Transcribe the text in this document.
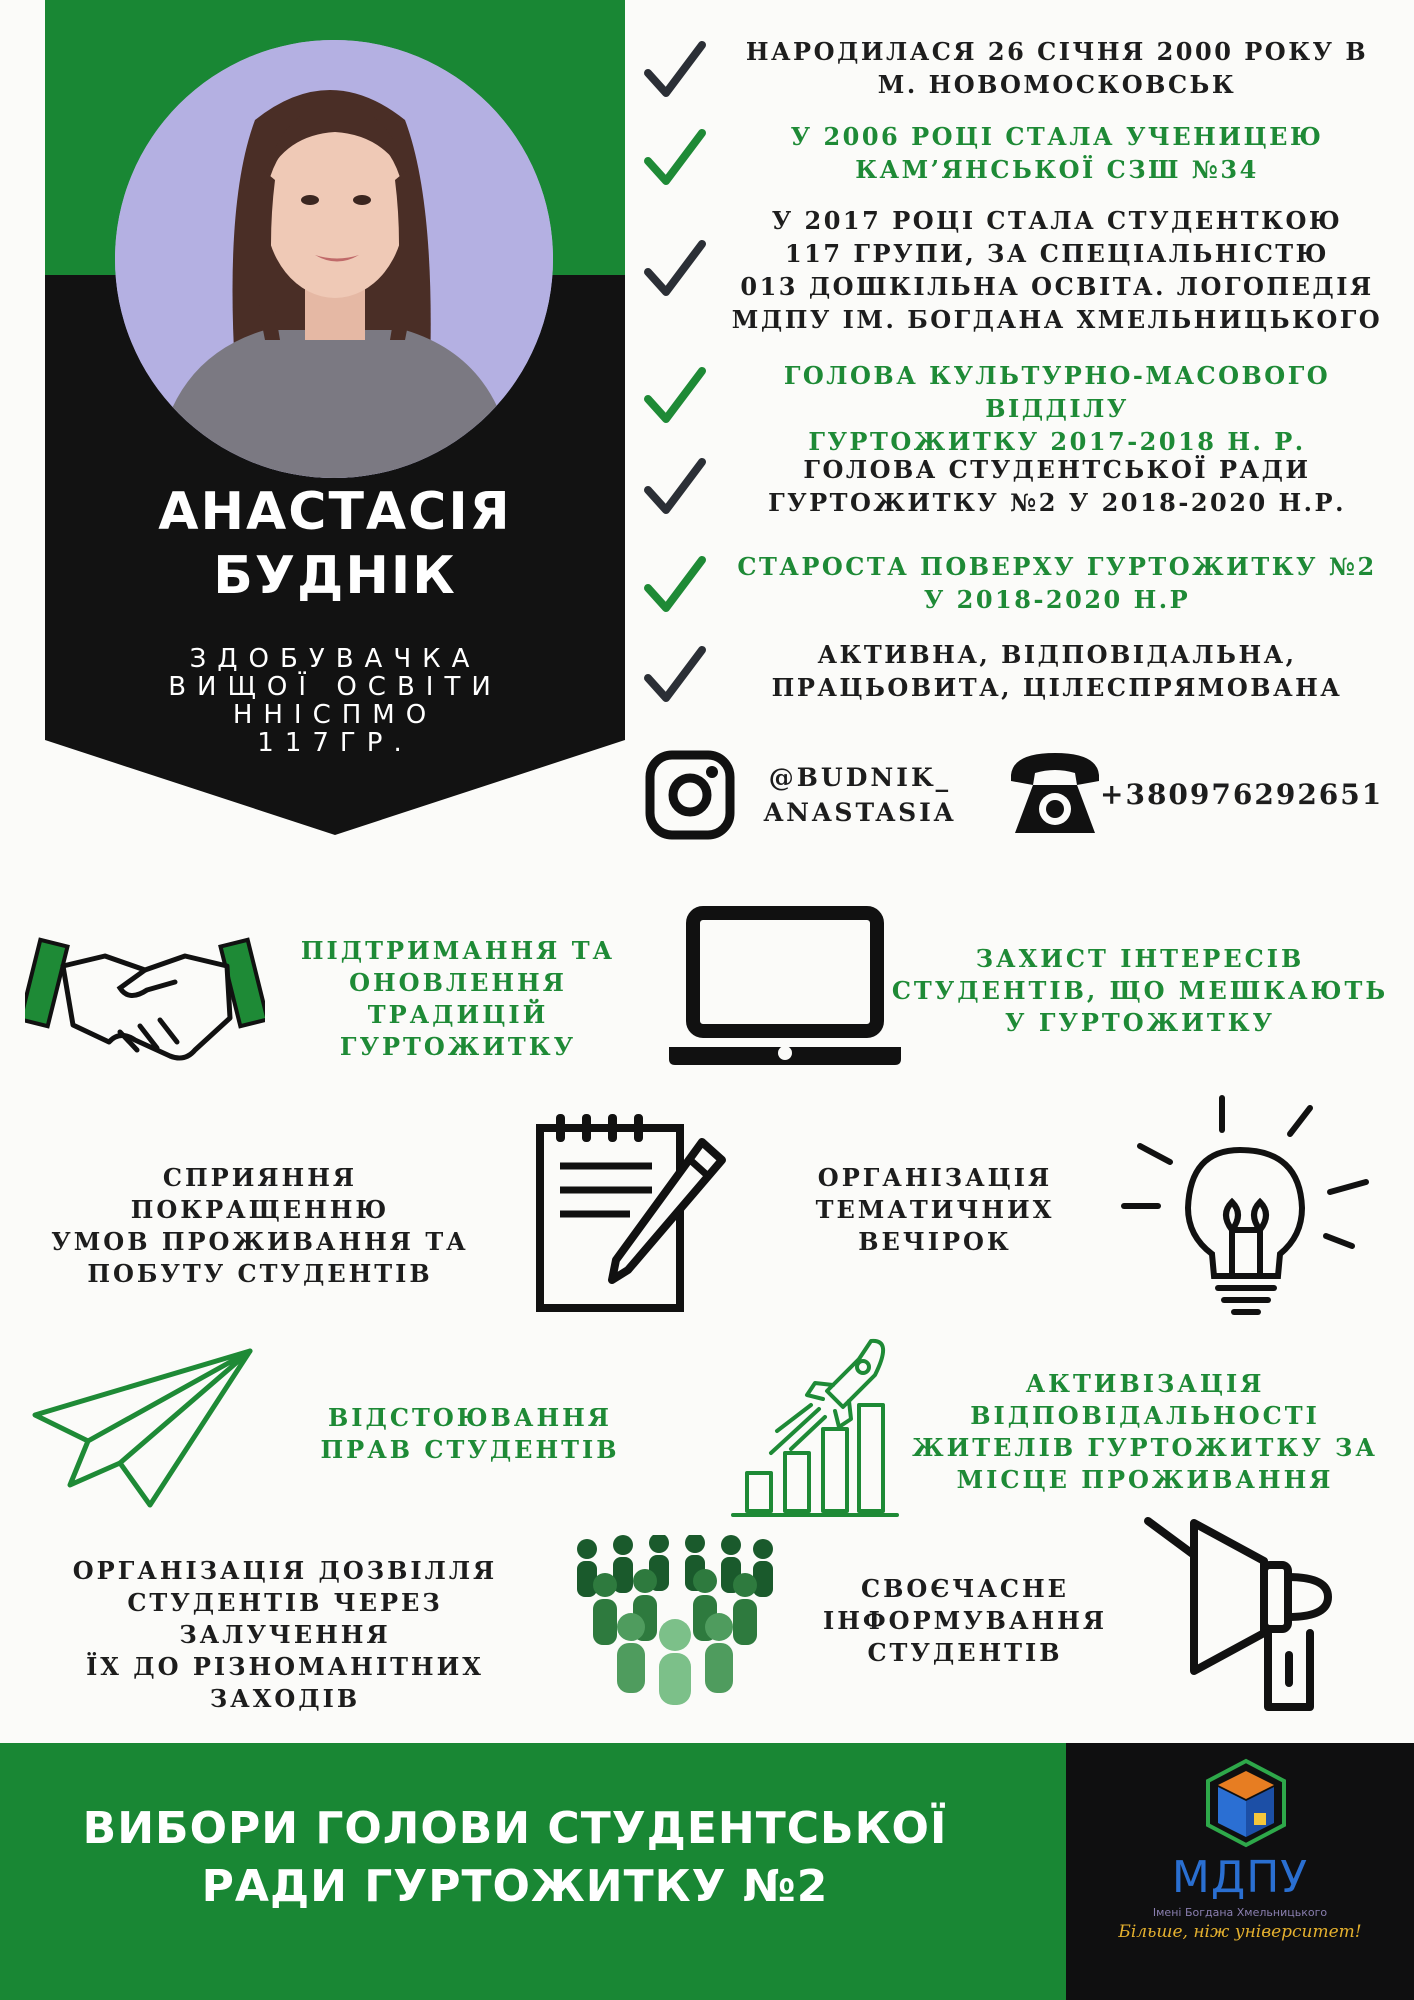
АНАСТАСІЯ
БУДНІК
ЗДОБУВАЧКА
ВИЩОЇ ОСВІТИ
ННІСПМО
117ГР.
НАРОДИЛАСЯ 26 СІЧНЯ 2000 РОКУ В
М. НОВОМОСКОВСЬК
У 2006 РОЦІ СТАЛА УЧЕНИЦЕЮ
КАМ’ЯНСЬКОЇ СЗШ №34
У 2017 РОЦІ СТАЛА СТУДЕНТКОЮ
117 ГРУПИ, ЗА СПЕЦІАЛЬНІСТЮ
013 ДОШКІЛЬНА ОСВІТА. ЛОГОПЕДІЯ
МДПУ ІМ. БОГДАНА ХМЕЛЬНИЦЬКОГО
ГОЛОВА КУЛЬТУРНО-МАСОВОГО ВІДДІЛУ
ГУРТОЖИТКУ 2017-2018 Н. Р.
ГОЛОВА СТУДЕНТСЬКОЇ РАДИ
ГУРТОЖИТКУ №2 У 2018-2020 Н.Р.
СТАРОСТА ПОВЕРХУ ГУРТОЖИТКУ №2
У 2018-2020 Н.Р
АКТИВНА, ВІДПОВІДАЛЬНА,
ПРАЦЬОВИТА, ЦІЛЕСПРЯМОВАНА
@BUDNIK_
ANASTASIA
+380976292651
ПІДТРИМАННЯ ТА
ОНОВЛЕННЯ ТРАДИЦІЙ
ГУРТОЖИТКУ
ЗАХИСТ ІНТЕРЕСІВ
СТУДЕНТІВ, ЩО МЕШКАЮТЬ
У ГУРТОЖИТКУ
СПРИЯННЯ ПОКРАЩЕННЮ
УМОВ ПРОЖИВАННЯ ТА
ПОБУТУ СТУДЕНТІВ
ОРГАНІЗАЦІЯ
ТЕМАТИЧНИХ
ВЕЧІРОК
ВІДСТОЮВАННЯ
ПРАВ СТУДЕНТІВ
АКТИВІЗАЦІЯ
ВІДПОВІДАЛЬНОСТІ
ЖИТЕЛІВ ГУРТОЖИТКУ ЗА
МІСЦЕ ПРОЖИВАННЯ
ОРГАНІЗАЦІЯ ДОЗВІЛЛЯ
СТУДЕНТІВ ЧЕРЕЗ ЗАЛУЧЕННЯ
ЇХ ДО РІЗНОМАНІТНИХ
ЗАХОДІВ
СВОЄЧАСНЕ
ІНФОРМУВАННЯ
СТУДЕНТІВ
ВИБОРИ ГОЛОВИ СТУДЕНТСЬКОЇ
РАДИ ГУРТОЖИТКУ №2	МДПУ
Імені Богдана Хмельницького
Більше, ніж університет!
